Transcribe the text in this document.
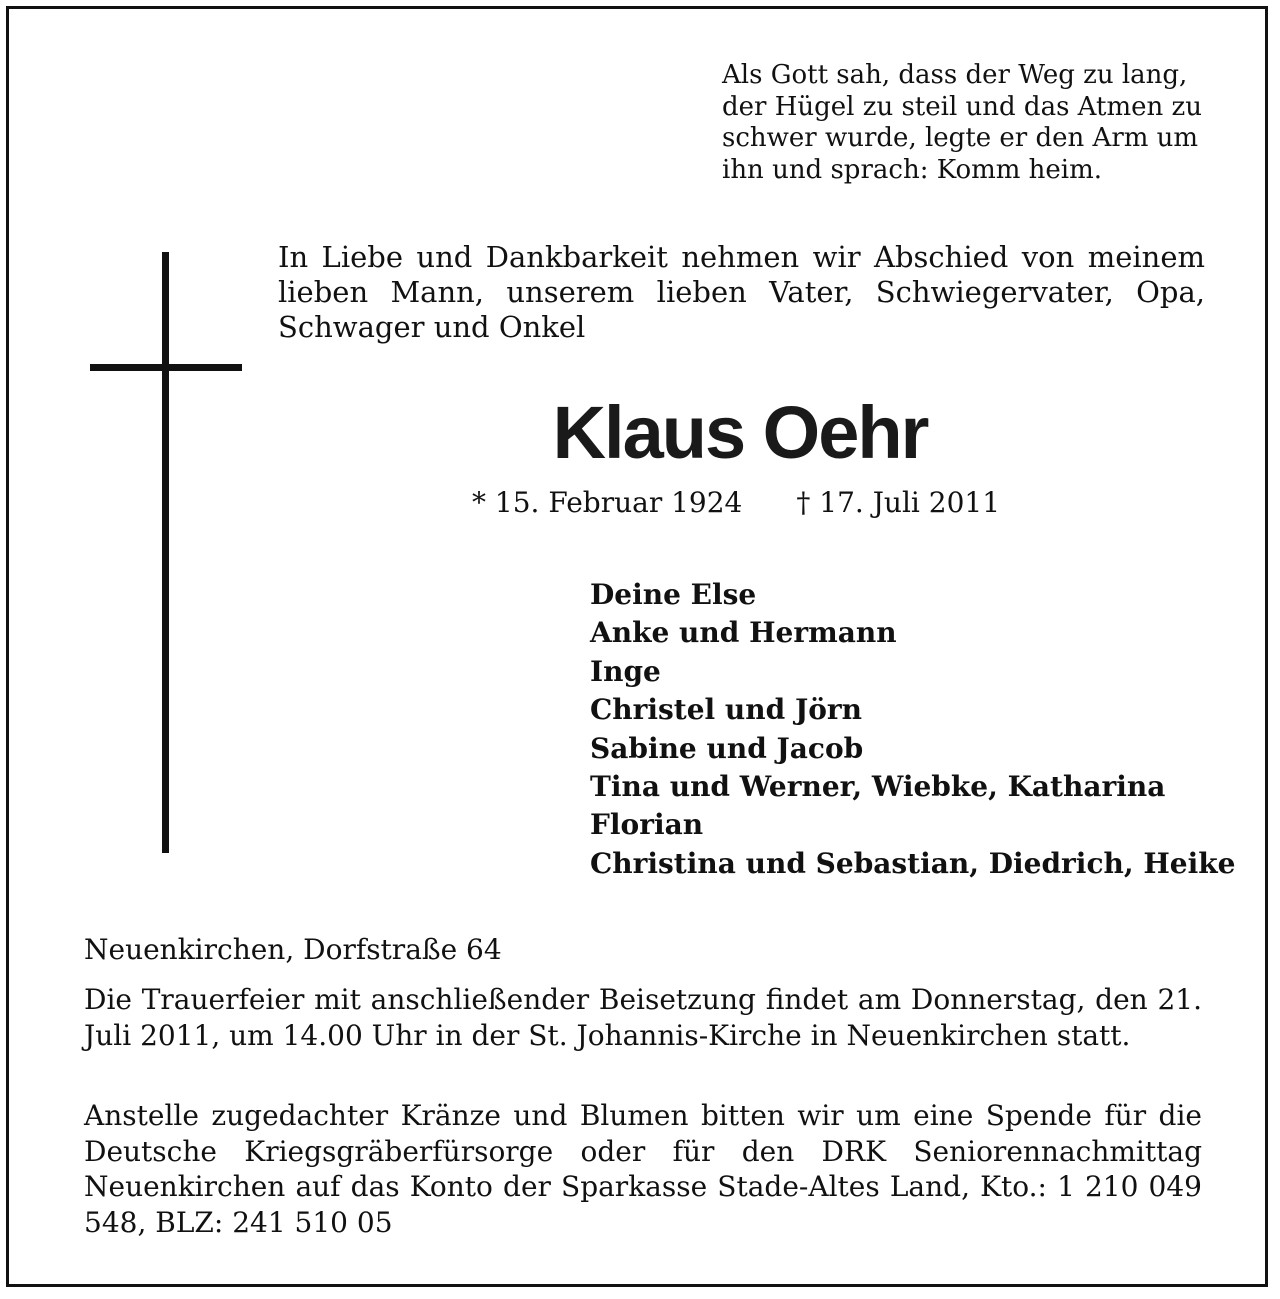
Als Gott sah, dass der Weg zu lang,
der Hügel zu steil und das Atmen zu
schwer wurde, legte er den Arm um
ihn und sprach: Komm heim.
In Liebe und Dankbarkeit nehmen wir Abschied von meinem lieben Mann, unserem lieben Vater, Schwiegervater, Opa, Schwager und Onkel
Klaus Oehr
* 15. Februar 1924 † 17. Juli 2011
Deine Else
Anke und Hermann
Inge
Christel und Jörn
Sabine und Jacob
Tina und Werner, Wiebke, Katharina
Florian
Christina und Sebastian, Diedrich, Heike
Neuenkirchen, Dorfstraße 64
Die Trauerfeier mit anschließender Beisetzung findet am Donnerstag, den 21. Juli 2011, um 14.00 Uhr in der St. Johannis-Kirche in Neuenkirchen statt.
Anstelle zugedachter Kränze und Blumen bitten wir um eine Spende für die Deutsche Kriegsgräberfürsorge oder für den DRK Seniorennachmittag Neuenkirchen auf das Konto der Sparkasse Stade-Altes Land, Kto.: 1 210 049 548, BLZ: 241 510 05
